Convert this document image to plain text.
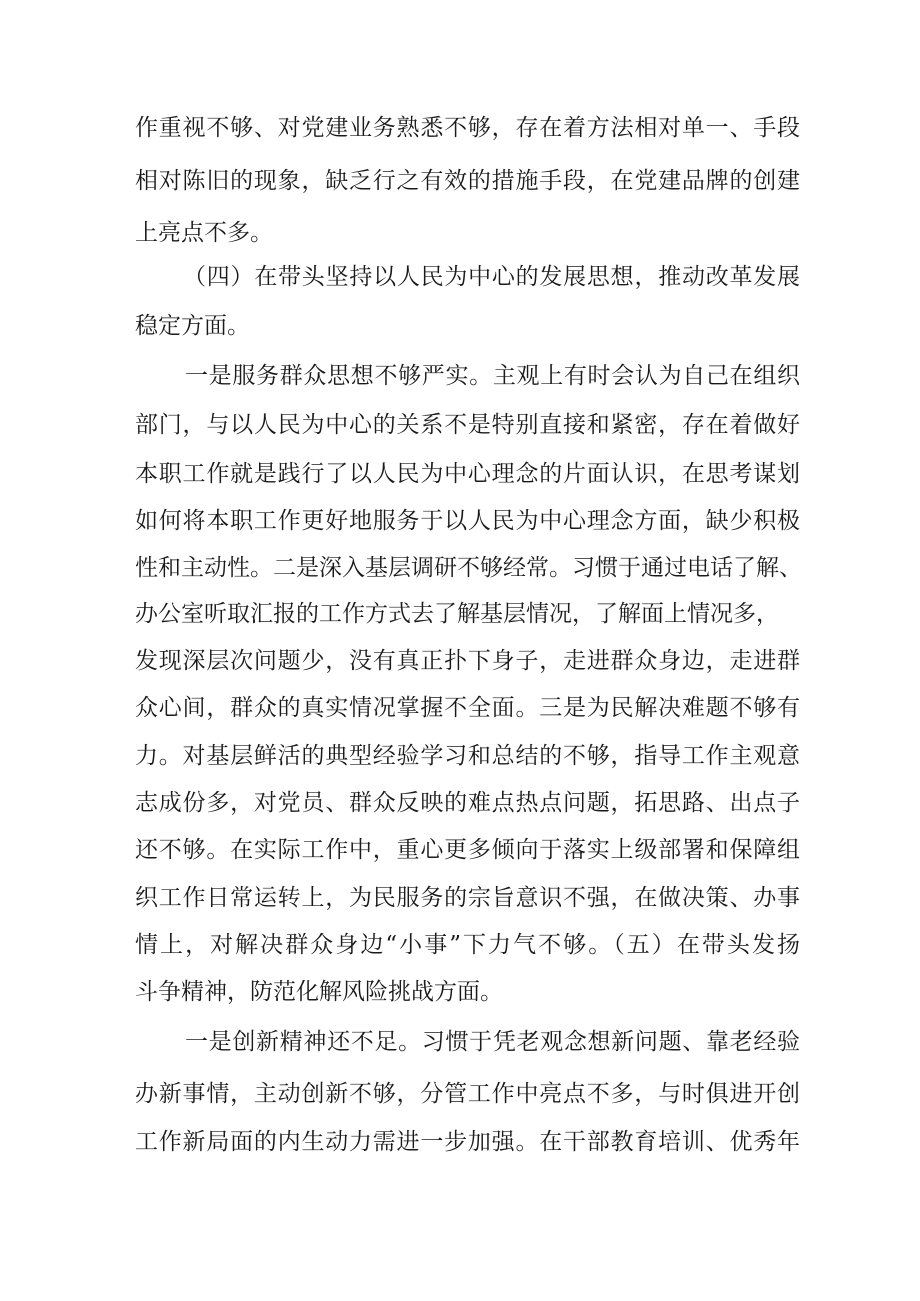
作重视不够、对党建业务熟悉不够，存在着方法相对单一、手段
相对陈旧的现象，缺乏行之有效的措施手段，在党建品牌的创建
上亮点不多。
（四）在带头坚持以人民为中心的发展思想，推动改革发展
稳定方面。
一是服务群众思想不够严实。主观上有时会认为自己在组织
部门，与以人民为中心的关系不是特别直接和紧密，存在着做好
本职工作就是践行了以人民为中心理念的片面认识，在思考谋划
如何将本职工作更好地服务于以人民为中心理念方面，缺少积极
性和主动性。二是深入基层调研不够经常。习惯于通过电话了解、
办公室听取汇报的工作方式去了解基层情况，了解面上情况多，
发现深层次问题少，没有真正扑下身子，走进群众身边，走进群
众心间，群众的真实情况掌握不全面。三是为民解决难题不够有
力。对基层鲜活的典型经验学习和总结的不够，指导工作主观意
志成份多，对党员、群众反映的难点热点问题，拓思路、出点子
还不够。在实际工作中，重心更多倾向于落实上级部署和保障组
织工作日常运转上，为民服务的宗旨意识不强，在做决策、办事
情上，对解决群众身边“小事”下力气不够。（五）在带头发扬
斗争精神，防范化解风险挑战方面。
一是创新精神还不足。习惯于凭老观念想新问题、靠老经验
办新事情，主动创新不够，分管工作中亮点不多，与时俱进开创
工作新局面的内生动力需进一步加强。在干部教育培训、优秀年
